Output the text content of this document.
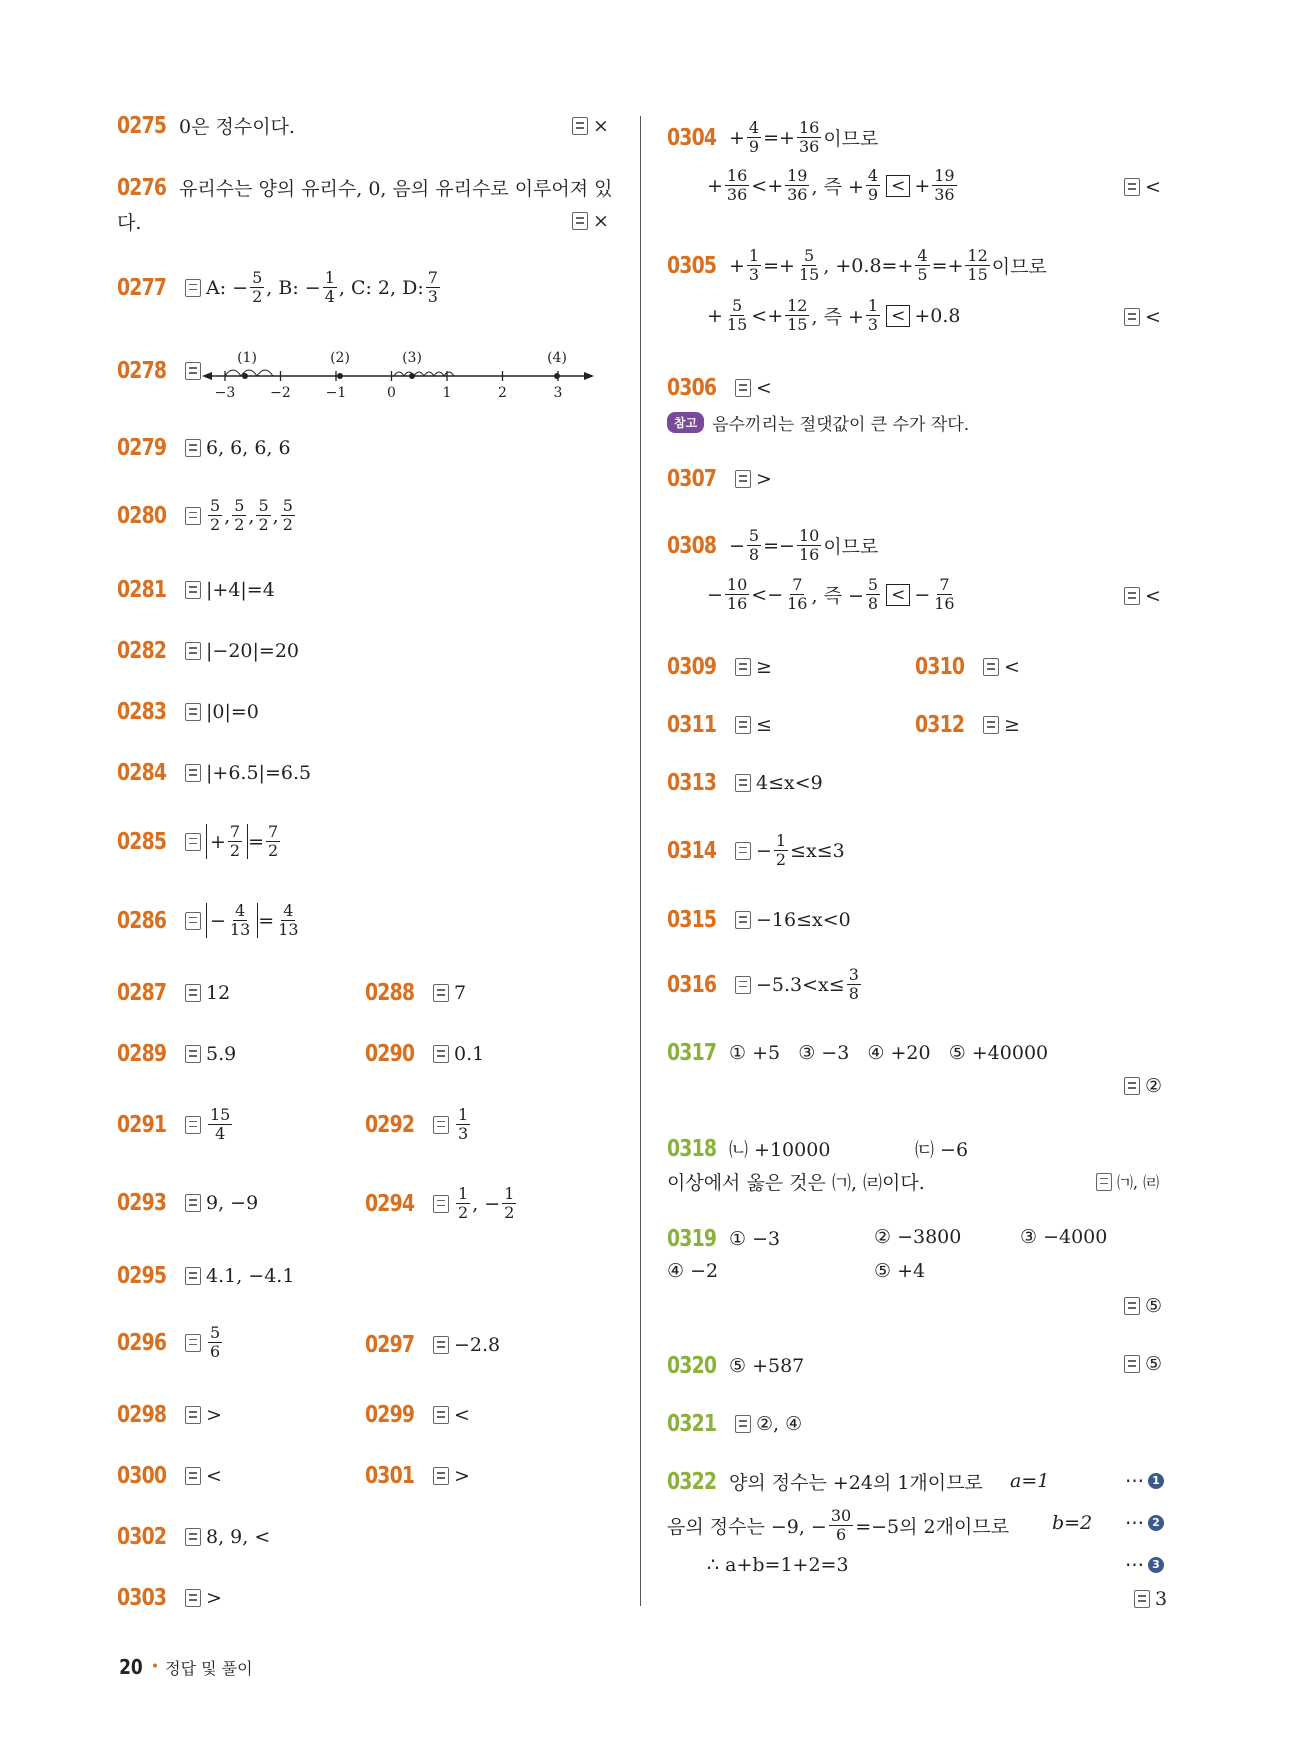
0275 0은 정수이다.	×
0276 유리수는 양의 유리수, 0, 음의 유리수로 이루어져 있
다.	×
0277 A: − $\frac{5}{2}$ , B: − $\frac{1}{4}$ , C: 2, D: $\frac{7}{3}$
0278
−3 −2 −1	0	1	2	3
(1)	(2)	(3)	(4)
0279 6, 6, 6, 6
0280	$\frac{5}{2}$ , $\frac{5}{2}$ , $\frac{5}{2}$ , $\frac{5}{2}$
0281 |+4|=4
0282 |−20|=20
0283 |0|=0
0284 |+6.5|=6.5
$0285 + \frac{7}{2} = \frac{7}{2}$
$0286 - \frac{4}{13} = \frac{4}{13}$
0287 12	0288 7
0289 5.9	0290 0.1
0291	$\frac{15}{4}$	0292	$\frac{1}{3}$
0293 9, −9	0294	$\frac{1}{2}$ , − $\frac{1}{2}$
0295 4.1, −4.1
0296	$\frac{5}{6}$	0297 −2.8
0298 >	0299 <
0300 <	0301 >
0302 8, 9, <
0303 >
$0304 + \frac{4}{9} =+ \frac{16}{36}$ 이므로
+ $\frac{16}{36} <+ \frac{19}{36}$ , 즉 + $\frac{4}{9}$ < + $\frac{19}{36}$	<
$0305 + \frac{1}{3} =+ \frac{5}{15}$ , $+0.8=+ \frac{4}{5} =+ \frac{12}{15}$ 이므로
+ $\frac{5}{15} <+ \frac{12}{15}$ , 즉 + $\frac{1}{3} < +0.8$	<
0306 <
참고 음수끼리는 절댓값이 큰 수가 작다.
0307 >
$0308 - \frac{5}{8} =- \frac{10}{16}$ 이므로
− $\frac{10}{16} <- \frac{7}{16}$ , 즉 − $\frac{5}{8}$ < − $\frac{7}{16}$	<
0309 ≥	0310 <
0311 ≤	0312 ≥
0313 4≤x<9
$0314 - \frac{1}{2} \le x\le 3$
0315 −16≤x<0
$0316 -5.3<x\le \frac{3}{8}$
0317 ① +5   ③ −3   ④ +20   ⑤ +40000
②
0318 ㈁ +10000	㈂ −6
이상에서 옳은 것은 ㈀, ㈃이다.	㈀, ㈃
0319 ① −3	② −3800	③ −4000
④ −2	⑤ +4
⑤
0320 ⑤ +587	⑤
0321 ②, ④
0322 양의 정수는 +24의 1개이므로 a=1	⋯ 1
음의 정수는 −9, − $\frac{30}{6} =-5$의 2개이므로 b=2 ⋯ 2
∴ a+b=1+2=3	⋯ 3
3
20 • 정답 및 풀이
